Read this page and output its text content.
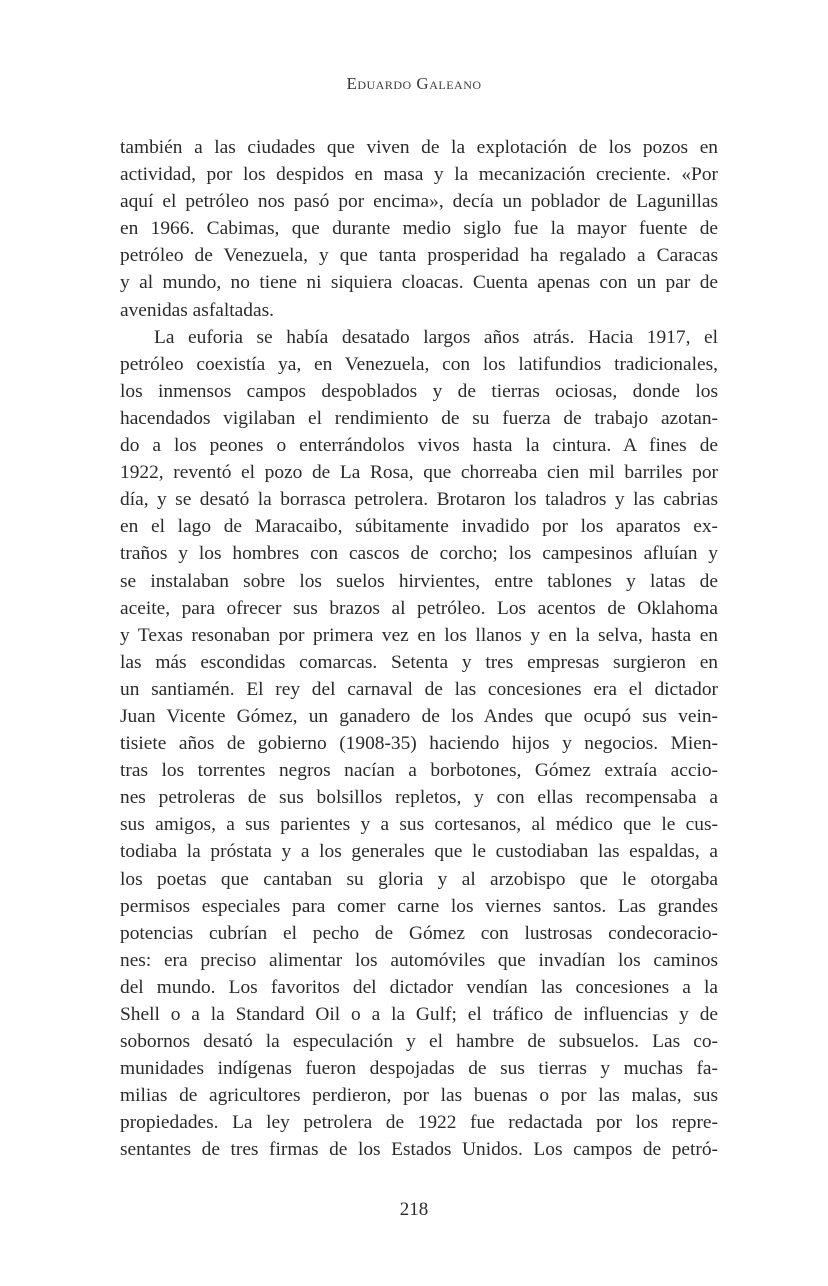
Eduardo Galeano
también a las ciudades que viven de la explotación de los pozos en
actividad, por los despidos en masa y la mecanización creciente. «Por
aquí el petróleo nos pasó por encima», decía un poblador de Lagunillas
en 1966. Cabimas, que durante medio siglo fue la mayor fuente de
petróleo de Venezuela, y que tanta prosperidad ha regalado a Caracas
y al mundo, no tiene ni siquiera cloacas. Cuenta apenas con un par de
avenidas asfaltadas.
La euforia se había desatado largos años atrás. Hacia 1917, el
petróleo coexistía ya, en Venezuela, con los latifundios tradicionales,
los inmensos campos despoblados y de tierras ociosas, donde los
hacendados vigilaban el rendimiento de su fuerza de trabajo azotan-
do a los peones o enterrándolos vivos hasta la cintura. A fines de
1922, reventó el pozo de La Rosa, que chorreaba cien mil barriles por
día, y se desató la borrasca petrolera. Brotaron los taladros y las cabrias
en el lago de Maracaibo, súbitamente invadido por los aparatos ex-
traños y los hombres con cascos de corcho; los campesinos afluían y
se instalaban sobre los suelos hirvientes, entre tablones y latas de
aceite, para ofrecer sus brazos al petróleo. Los acentos de Oklahoma
y Texas resonaban por primera vez en los llanos y en la selva, hasta en
las más escondidas comarcas. Setenta y tres empresas surgieron en
un santiamén. El rey del carnaval de las concesiones era el dictador
Juan Vicente Gómez, un ganadero de los Andes que ocupó sus vein-
tisiete años de gobierno (1908-35) haciendo hijos y negocios. Mien-
tras los torrentes negros nacían a borbotones, Gómez extraía accio-
nes petroleras de sus bolsillos repletos, y con ellas recompensaba a
sus amigos, a sus parientes y a sus cortesanos, al médico que le cus-
todiaba la próstata y a los generales que le custodiaban las espaldas, a
los poetas que cantaban su gloria y al arzobispo que le otorgaba
permisos especiales para comer carne los viernes santos. Las grandes
potencias cubrían el pecho de Gómez con lustrosas condecoracio-
nes: era preciso alimentar los automóviles que invadían los caminos
del mundo. Los favoritos del dictador vendían las concesiones a la
Shell o a la Standard Oil o a la Gulf; el tráfico de influencias y de
sobornos desató la especulación y el hambre de subsuelos. Las co-
munidades indígenas fueron despojadas de sus tierras y muchas fa-
milias de agricultores perdieron, por las buenas o por las malas, sus
propiedades. La ley petrolera de 1922 fue redactada por los repre-
sentantes de tres firmas de los Estados Unidos. Los campos de petró-
218
